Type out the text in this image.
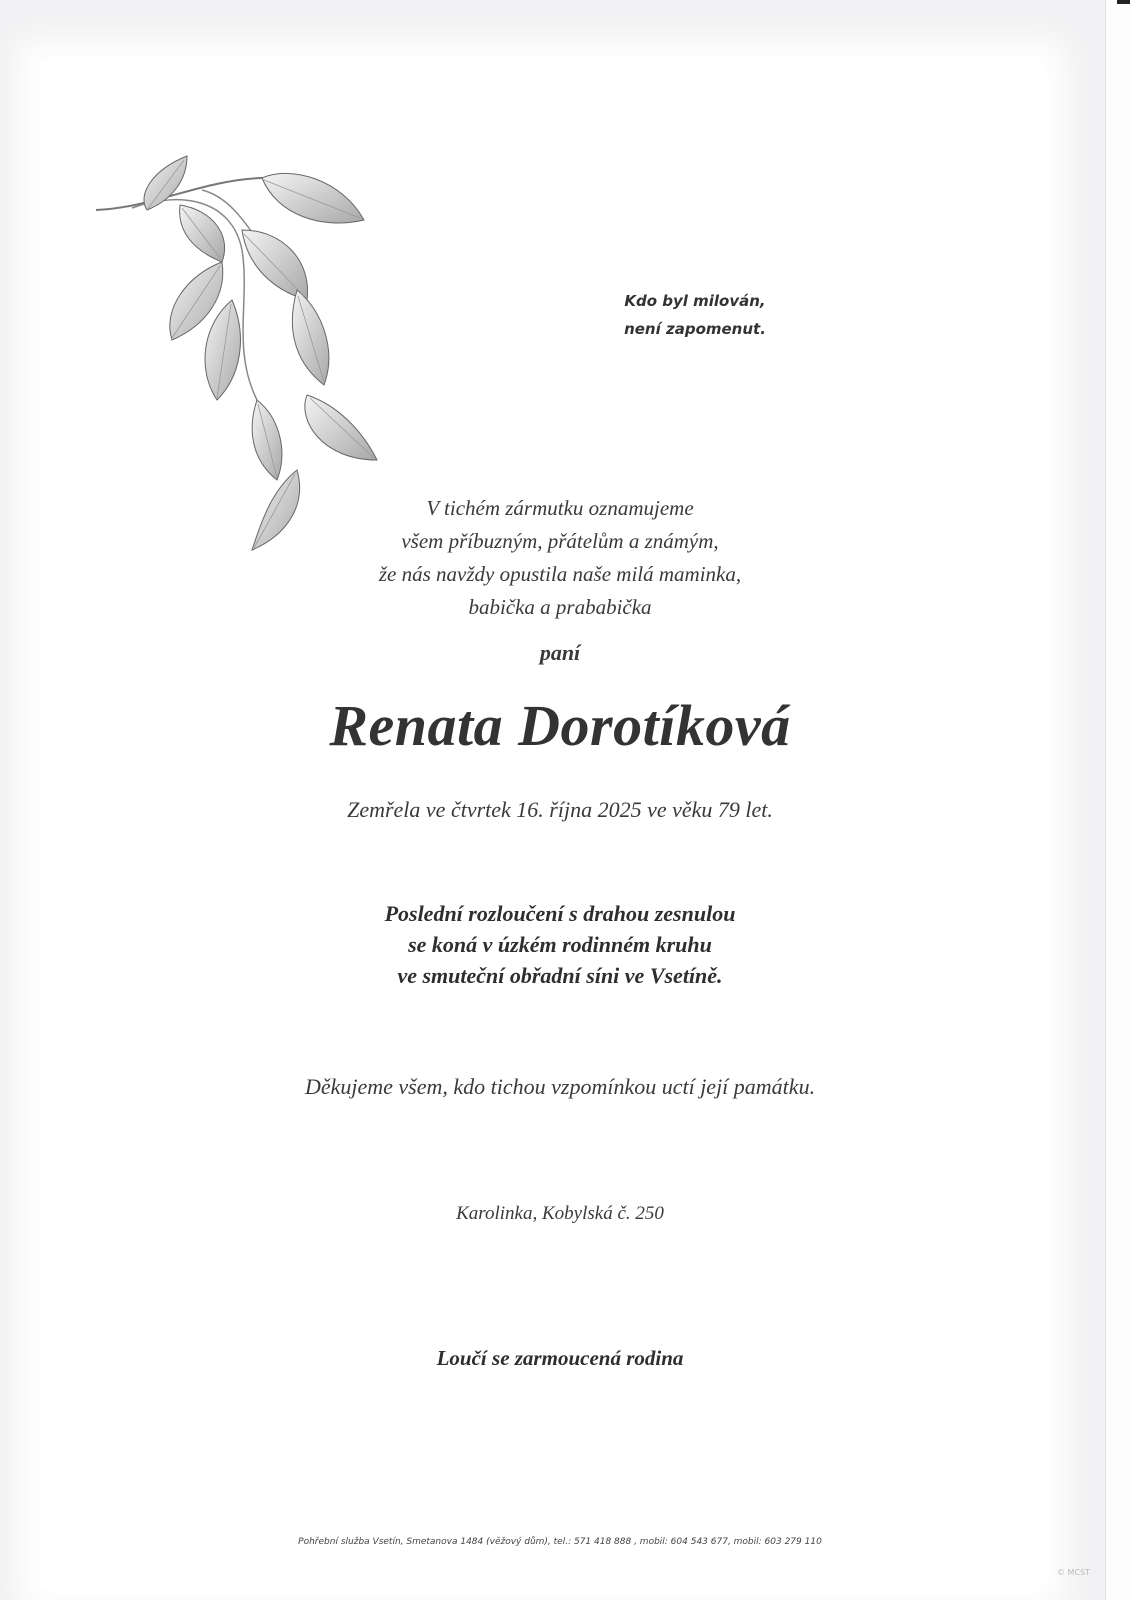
Kdo byl milován,
není zapomenut.
V tichém zármutku oznamujeme
všem příbuzným, přátelům a známým,
že nás navždy opustila naše milá maminka,
babička a prababička
paní
Renata Dorotíková
Zemřela ve čtvrtek 16. října 2025 ve věku 79 let.
Poslední rozloučení s drahou zesnulou
se koná v úzkém rodinném kruhu
ve smuteční obřadní síni ve Vsetíně.
Děkujeme všem, kdo tichou vzpomínkou uctí její památku.
Karolinka, Kobylská č. 250
Loučí se zarmoucená rodina
Pohřební služba Vsetín, Smetanova 1484 (věžový dům), tel.: 571 418 888 , mobil: 604 543 677, mobil: 603 279 110
© MCST
